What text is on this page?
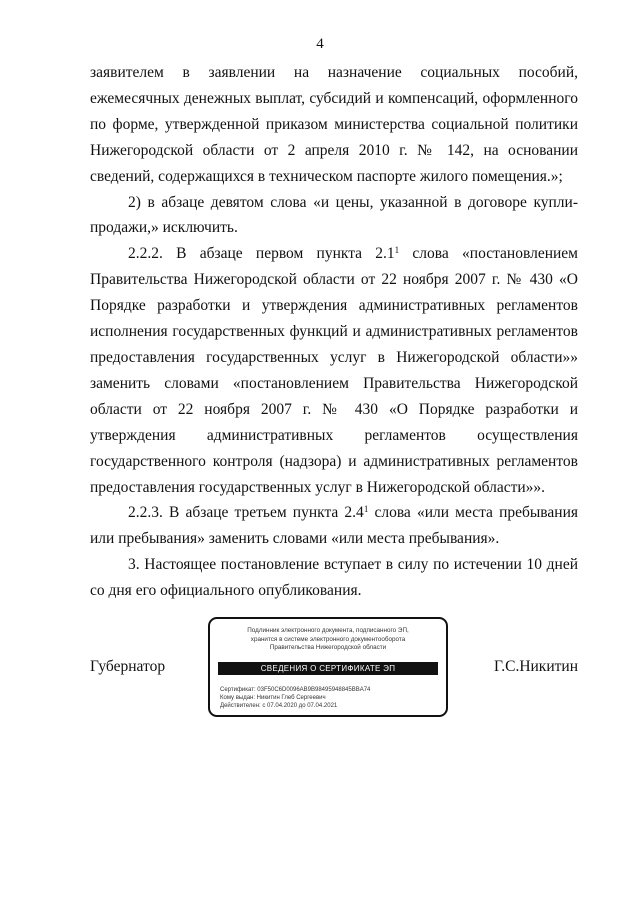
4

заявителем в заявлении на назначение социальных пособий, ежемесячных денежных выплат, субсидий и компенсаций, оформленного по форме, утвержденной приказом министерства социальной политики Нижегородской области от 2 апреля 2010 г. № 142, на основании сведений, содержащихся в техническом паспорте жилого помещения.»;

2) в абзаце девятом слова «и цены, указанной в договоре купли-продажи,» исключить.

2.2.2. В абзаце первом пункта $2.1^1$ слова «постановлением Правительства Нижегородской области от 22 ноября 2007 г. № 430 «О Порядке разработки и утверждения административных регламентов исполнения государственных функций и административных регламентов предоставления государственных услуг в Нижегородской области»» заменить словами «постановлением Правительства Нижегородской области от 22 ноября 2007 г. № 430 «О Порядке разработки и утверждения административных регламентов осуществления государственного контроля (надзора) и административных регламентов предоставления государственных услуг в Нижегородской области»».

2.2.3. В абзаце третьем пункта $2.4^1$ слова «или места пребывания или пребывания» заменить словами «или места пребывания».

3. Настоящее постановление вступает в силу по истечении 10 дней со дня его официального опубликования.

Губернатор	Г.С.Никитин
Подлинник электронного документа, подписанного ЭП,
хранится в системе электронного документооборота
Правительства Нижегородской области
СВЕДЕНИЯ О СЕРТИФИКАТЕ ЭП
Сертификат: 03F50C6D0096AB9B98495948845BBA74
Кому выдан: Никитин Глеб Сергеевич
Действителен: с 07.04.2020 до 07.04.2021
